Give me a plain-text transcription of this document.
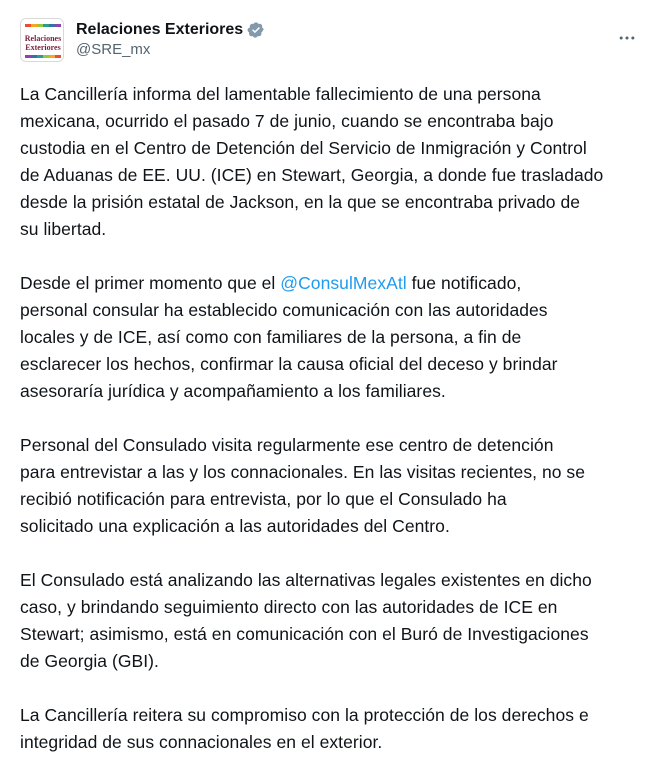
Relaciones
Exteriores
Relaciones Exteriores
@SRE_mx

La Cancillería informa del lamentable fallecimiento de una persona
mexicana, ocurrido el pasado 7 de junio, cuando se encontraba bajo
custodia en el Centro de Detención del Servicio de Inmigración y Control
de Aduanas de EE. UU. (ICE) en Stewart, Georgia, a donde fue trasladado
desde la prisión estatal de Jackson, en la que se encontraba privado de
su libertad.

Desde el primer momento que el @ConsulMexAtl fue notificado,
personal consular ha establecido comunicación con las autoridades
locales y de ICE, así como con familiares de la persona, a fin de
esclarecer los hechos, confirmar la causa oficial del deceso y brindar
asesoraría jurídica y acompañamiento a los familiares.

Personal del Consulado visita regularmente ese centro de detención
para entrevistar a las y los connacionales. En las visitas recientes, no se
recibió notificación para entrevista, por lo que el Consulado ha
solicitado una explicación a las autoridades del Centro.

El Consulado está analizando las alternativas legales existentes en dicho
caso, y brindando seguimiento directo con las autoridades de ICE en
Stewart; asimismo, está en comunicación con el Buró de Investigaciones
de Georgia (GBI).

La Cancillería reitera su compromiso con la protección de los derechos e
integridad de sus connacionales en el exterior.
